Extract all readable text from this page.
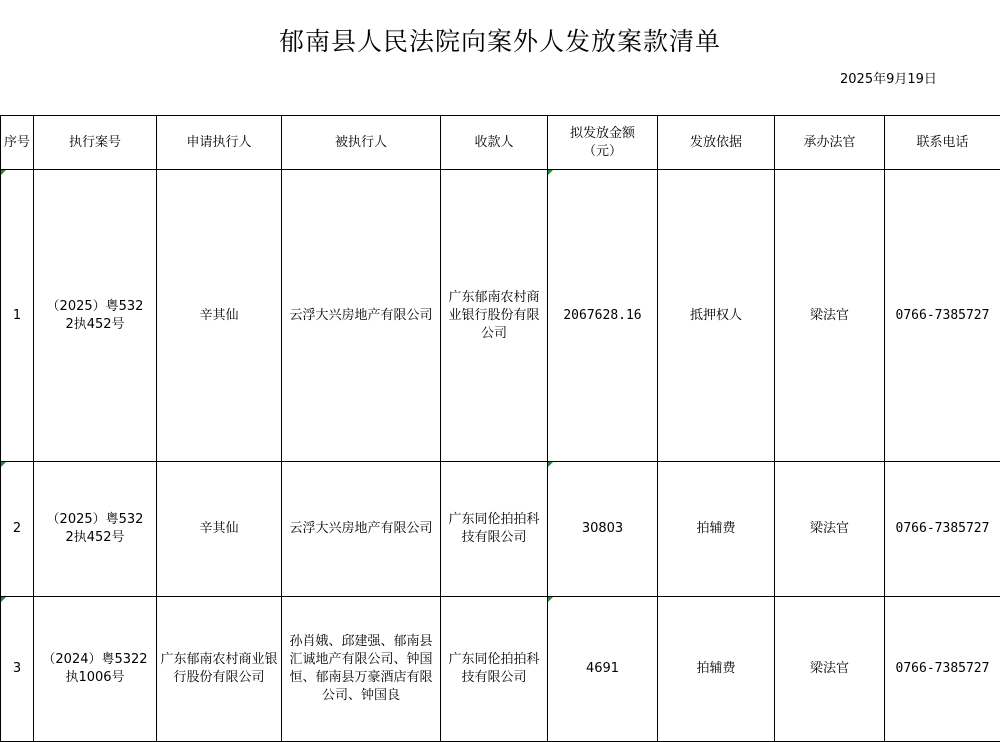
郁南县人民法院向案外人发放案款清单
2025年9月19日
序号	执行案号	申请执行人	被执行人	收款人	拟发放金额（元）	发放依据	承办法官	联系电话
1	（2025）粤5322执452号	辛其仙	云浮大兴房地产有限公司	广东郁南农村商业银行股份有限公司	2067628.16	抵押权人	梁法官	0766-7385727
2	（2025）粤5322执452号	辛其仙	云浮大兴房地产有限公司	广东同伦拍拍科技有限公司	30803	拍辅费	梁法官	0766-7385727
3	（2024）粤5322执1006号	广东郁南农村商业银行股份有限公司	孙肖娥、邱建强、郁南县汇诚地产有限公司、钟国恒、郁南县万豪酒店有限公司、钟国良	广东同伦拍拍科技有限公司	4691	拍辅费	梁法官	0766-7385727
